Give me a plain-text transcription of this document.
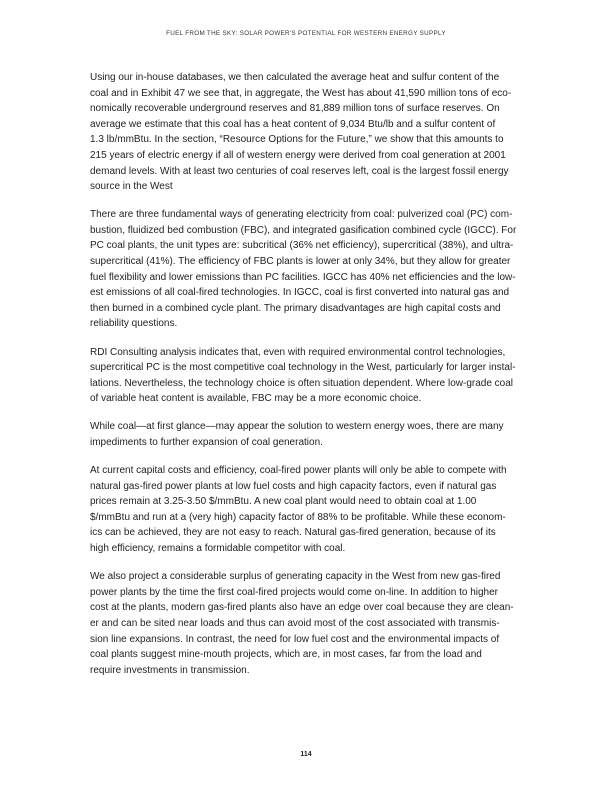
FUEL FROM THE SKY: SOLAR POWER'S POTENTIAL FOR WESTERN ENERGY SUPPLY

Using our in-house databases, we then calculated the average heat and sulfur content of the
coal and in Exhibit 47 we see that, in aggregate, the West has about 41,590 million tons of eco-
nomically recoverable underground reserves and 81,889 million tons of surface reserves. On
average we estimate that this coal has a heat content of 9,034 Btu/lb and a sulfur content of
1.3 lb/mmBtu. In the section, “Resource Options for the Future,” we show that this amounts to
215 years of electric energy if all of western energy were derived from coal generation at 2001
demand levels. With at least two centuries of coal reserves left, coal is the largest fossil energy
source in the West

There are three fundamental ways of generating electricity from coal: pulverized coal (PC) com-
bustion, fluidized bed combustion (FBC), and integrated gasification combined cycle (IGCC). For
PC coal plants, the unit types are: subcritical (36% net efficiency), supercritical (38%), and ultra-
supercritical (41%). The efficiency of FBC plants is lower at only 34%, but they allow for greater
fuel flexibility and lower emissions than PC facilities. IGCC has 40% net efficiencies and the low-
est emissions of all coal-fired technologies. In IGCC, coal is first converted into natural gas and
then burned in a combined cycle plant. The primary disadvantages are high capital costs and
reliability questions.

RDI Consulting analysis indicates that, even with required environmental control technologies,
supercritical PC is the most competitive coal technology in the West, particularly for larger instal-
lations. Nevertheless, the technology choice is often situation dependent. Where low-grade coal
of variable heat content is available, FBC may be a more economic choice.

While coal—at first glance—may appear the solution to western energy woes, there are many
impediments to further expansion of coal generation.

At current capital costs and efficiency, coal-fired power plants will only be able to compete with
natural gas-fired power plants at low fuel costs and high capacity factors, even if natural gas
prices remain at 3.25-3.50 $/mmBtu. A new coal plant would need to obtain coal at 1.00
$/mmBtu and run at a (very high) capacity factor of 88% to be profitable. While these econom-
ics can be achieved, they are not easy to reach. Natural gas-fired generation, because of its
high efficiency, remains a formidable competitor with coal.

We also project a considerable surplus of generating capacity in the West from new gas-fired
power plants by the time the first coal-fired projects would come on-line. In addition to higher
cost at the plants, modern gas-fired plants also have an edge over coal because they are clean-
er and can be sited near loads and thus can avoid most of the cost associated with transmis-
sion line expansions. In contrast, the need for low fuel cost and the environmental impacts of
coal plants suggest mine-mouth projects, which are, in most cases, far from the load and
require investments in transmission.

114
